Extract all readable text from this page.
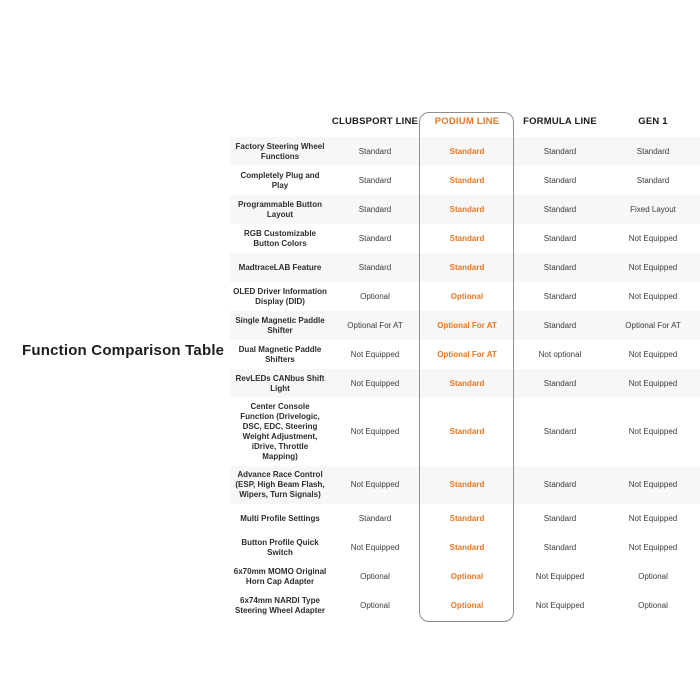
Function Comparison Table
CLUBSPORT LINE	PODIUM LINE	FORMULA LINE	GEN 1
Factory Steering Wheel Functions
Standard	Standard	Standard	Standard
Completely Plug and Play
Standard	Standard	Standard	Standard
Programmable Button Layout
Standard	Standard	Standard	Fixed Layout
RGB Customizable Button Colors
Standard	Standard	Standard	Not Equipped
MadtraceLAB Feature	Standard	Standard	Standard	Not Equipped
OLED Driver Information Display (DID)
Optional	Optional	Standard	Not Equipped
Single Magnetic Paddle Shifter
Optional For AT	Optional For AT	Standard	Optional For AT
Dual Magnetic Paddle Shifters
Not Equipped	Optional For AT	Not optional	Not Equipped
RevLEDs CANbus Shift Light
Not Equipped	Standard	Standard	Not Equipped
Center Console Function (Drivelogic, DSC, EDC, Steering Weight Adjustment, iDrive, Throttle Mapping)
Not Equipped	Standard	Standard	Not Equipped
Advance Race Control (ESP, High Beam Flash, Wipers, Turn Signals)
Not Equipped	Standard	Standard	Not Equipped
Multi Profile Settings	Standard	Standard	Standard	Not Equipped
Button Profile Quick Switch
Not Equipped	Standard	Standard	Not Equipped
6x70mm MOMO Original Horn Cap Adapter
Optional	Optional	Not Equipped	Optional
6x74mm NARDI Type Steering Wheel Adapter
Optional	Optional	Not Equipped	Optional
